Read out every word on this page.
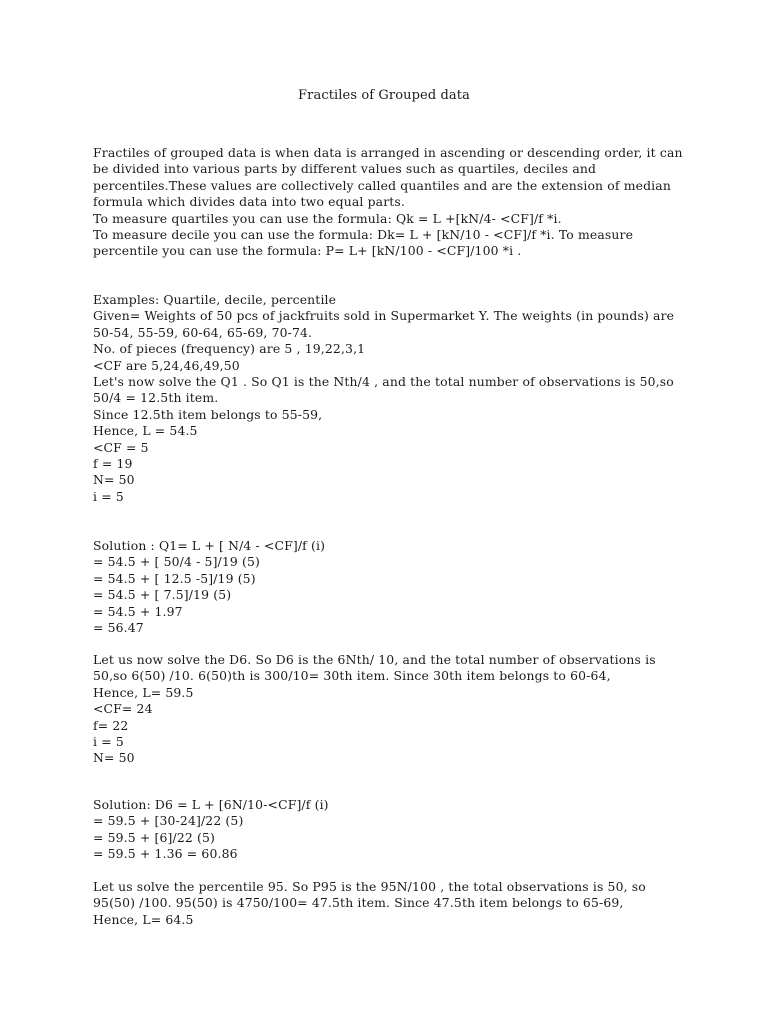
Fractiles of Grouped data
Fractiles of grouped data is when data is arranged in ascending or descending order, it can
be divided into various parts by different values such as quartiles, deciles and
percentiles.These values are collectively called quantiles and are the extension of median
formula which divides data into two equal parts.
To measure quartiles you can use the formula: Qk = L +[kN/4- <CF]/f *i.
To measure decile you can use the formula: Dk= L + [kN/10 - <CF]/f *i. To measure
percentile you can use the formula: P= L+ [kN/100 - <CF]/100 *i .
Examples: Quartile, decile, percentile
Given= Weights of 50 pcs of jackfruits sold in Supermarket Y. The weights (in pounds) are
50-54, 55-59, 60-64, 65-69, 70-74.
No. of pieces (frequency) are 5 , 19,22,3,1
<CF are 5,24,46,49,50
Let's now solve the Q1 . So Q1 is the Nth/4 , and the total number of observations is 50,so
50/4 = 12.5th item.
Since 12.5th item belongs to 55-59,
Hence, L = 54.5
<CF = 5
f = 19
N= 50
i = 5
Solution : Q1= L + [ N/4 - <CF]/f (i)
= 54.5 + [ 50/4 - 5]/19 (5)
= 54.5 + [ 12.5 -5]/19 (5)
= 54.5 + [ 7.5]/19 (5)
= 54.5 + 1.97
= 56.47
Let us now solve the D6. So D6 is the 6Nth/ 10, and the total number of observations is
50,so 6(50) /10. 6(50)th is 300/10= 30th item. Since 30th item belongs to 60-64,
Hence, L= 59.5
<CF= 24
f= 22
i = 5
N= 50
Solution: D6 = L + [6N/10-<CF]/f (i)
= 59.5 + [30-24]/22 (5)
= 59.5 + [6]/22 (5)
= 59.5 + 1.36 = 60.86
Let us solve the percentile 95. So P95 is the 95N/100 , the total observations is 50, so
95(50) /100. 95(50) is 4750/100= 47.5th item. Since 47.5th item belongs to 65-69,
Hence, L= 64.5
